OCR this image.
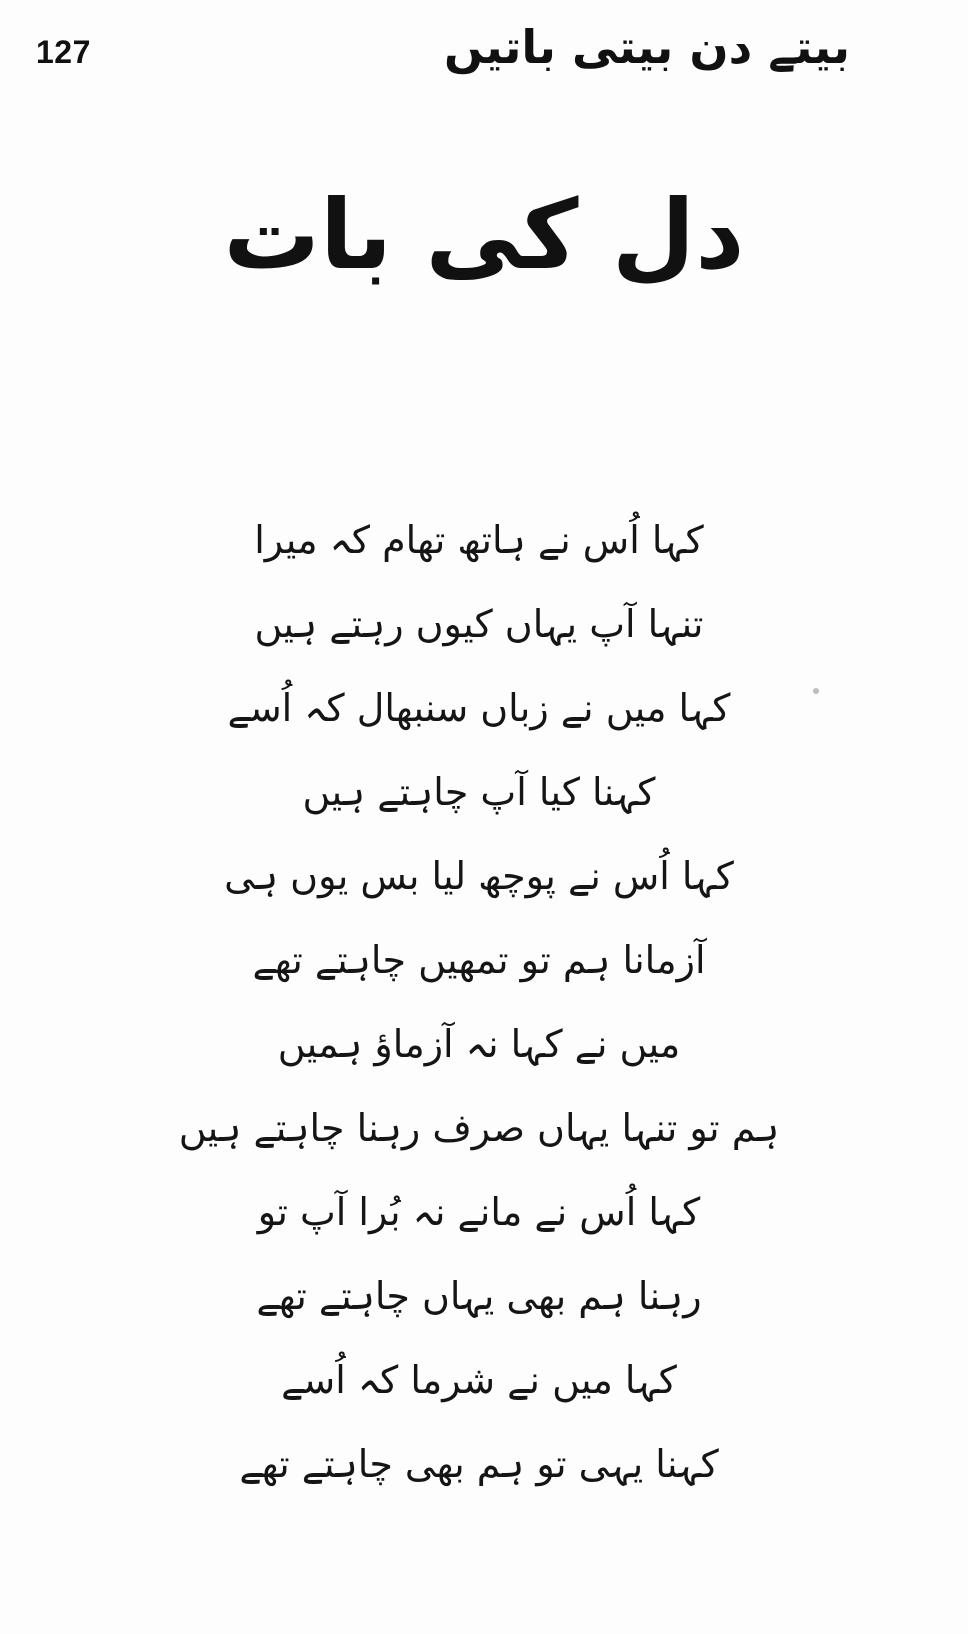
127	بیتے دن بیتی باتیں
دل کی بات
کہا اُس نے ہاتھ تھام کہ میرا
تنہا آپ یہاں کیوں رہتے ہیں
کہا میں نے زباں سنبھال کہ اُسے
کہنا کیا آپ چاہتے ہیں
کہا اُس نے پوچھ لیا بس یوں ہی
آزمانا ہم تو تمھیں چاہتے تھے
میں نے کہا نہ آزماؤ ہمیں
ہم تو تنہا یہاں صرف رہنا چاہتے ہیں
کہا اُس نے مانے نہ بُرا آپ تو
رہنا ہم بھی یہاں چاہتے تھے
کہا میں نے شرما کہ اُسے
کہنا یہی تو ہم بھی چاہتے تھے
